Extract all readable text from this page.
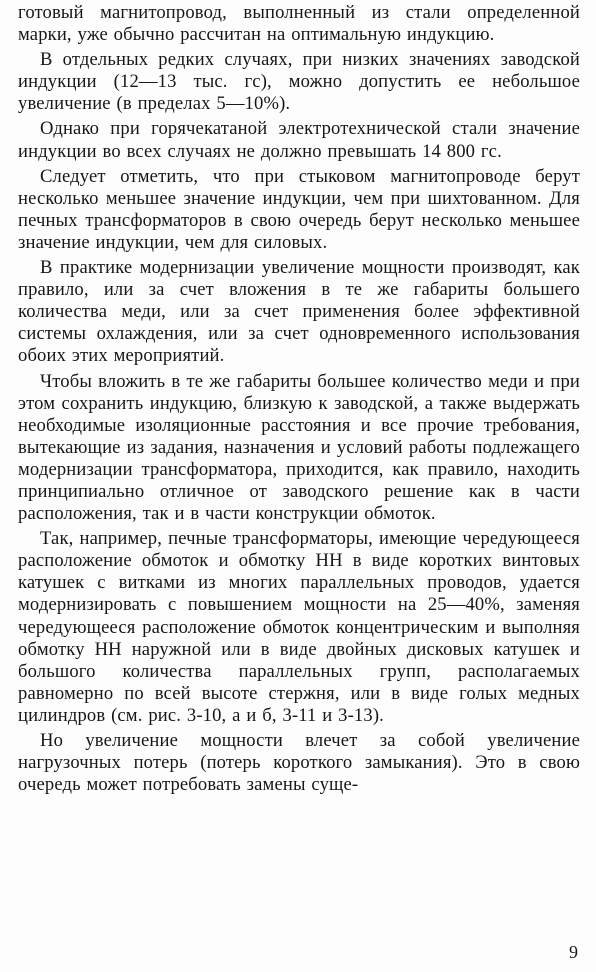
готовый магнитопровод, выполненный из стали определенной марки, уже обычно рассчитан на оптимальную индукцию.

В отдельных редких случаях, при низких значениях заводской индукции (12—13 тыс. гс), можно допустить ее небольшое увеличение (в пределах 5—10%).

Однако при горячекатаной электротехнической стали значение индукции во всех случаях не должно превышать 14 800 гс.

Следует отметить, что при стыковом магнитопроводе берут несколько меньшее значение индукции, чем при шихтованном. Для печных трансформаторов в свою очередь берут несколько меньшее значение индукции, чем для силовых.

В практике модернизации увеличение мощности производят, как правило, или за счет вложения в те же габариты большего количества меди, или за счет применения более эффективной системы охлаждения, или за счет одновременного использования обоих этих мероприятий.

Чтобы вложить в те же габариты большее количество меди и при этом сохранить индукцию, близкую к заводской, а также выдержать необходимые изоляционные расстояния и все прочие требования, вытекающие из задания, назначения и условий работы подлежащего модернизации трансформатора, приходится, как правило, находить принципиально отличное от заводского решение как в части расположения, так и в части конструкции обмоток.

Так, например, печные трансформаторы, имеющие чередующееся расположение обмоток и обмотку НН в виде коротких винтовых катушек с витками из многих параллельных проводов, удается модернизировать с повышением мощности на 25—40%, заменяя чередующееся расположение обмоток концентрическим и выполняя обмотку НН наружной или в виде двойных дисковых катушек и большого количества параллельных групп, располагаемых равномерно по всей высоте стержня, или в виде голых медных цилиндров (см. рис. 3-10, а и б, 3-11 и 3-13).

Но увеличение мощности влечет за собой увеличение нагрузочных потерь (потерь короткого замыкания). Это в свою очередь может потребовать замены суще-

9
